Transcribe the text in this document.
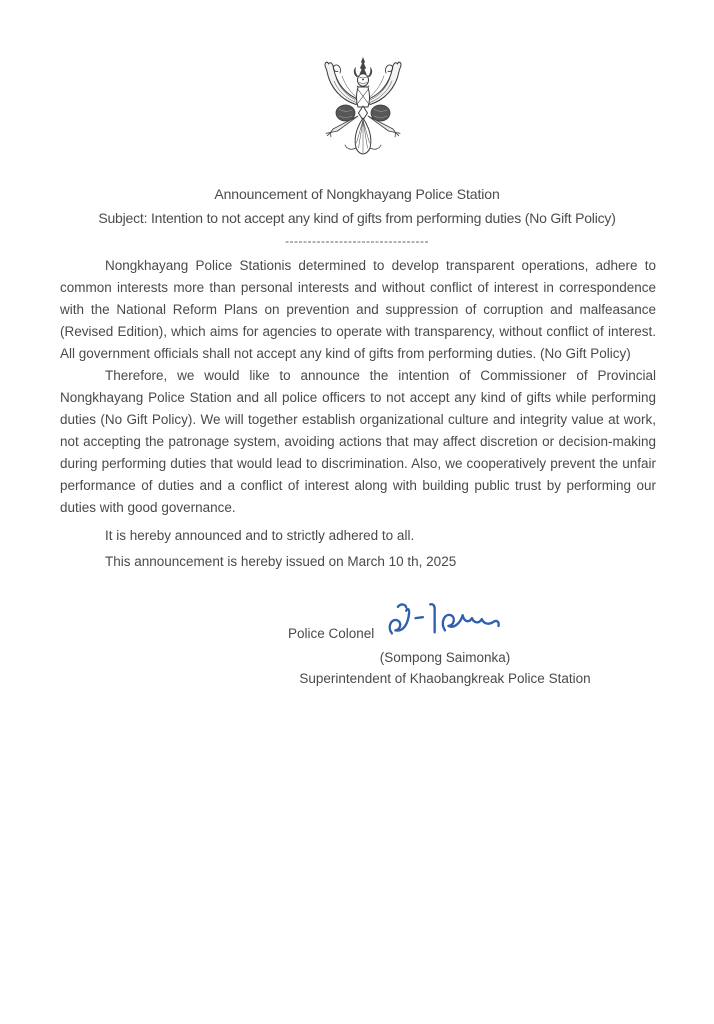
Announcement of Nongkhayang Police Station
Subject: Intention to not accept any kind of gifts from performing duties (No Gift Policy)
--------------------------------

Nongkhayang Police Stationis determined to develop transparent operations, adhere to common interests more than personal interests and without conflict of interest in correspondence with the National Reform Plans on prevention and suppression of corruption and malfeasance (Revised Edition), which aims for agencies to operate with transparency, without conflict of interest. All government officials shall not accept any kind of gifts from performing duties. (No Gift Policy)

Therefore, we would like to announce the intention of Commissioner of Provincial Nongkhayang Police Station and all police officers to not accept any kind of gifts while performing duties (No Gift Policy). We will together establish organizational culture and integrity value at work, not accepting the patronage system, avoiding actions that may affect discretion or decision-making during performing duties that would lead to discrimination. Also, we cooperatively prevent the unfair performance of duties and a conflict of interest along with building public trust by performing our duties with good governance.

It is hereby announced and to strictly adhered to all.

This announcement is hereby issued on March 10 th, 2025

Police Colonel
(Sompong Saimonka)
Superintendent of Khaobangkreak Police Station
